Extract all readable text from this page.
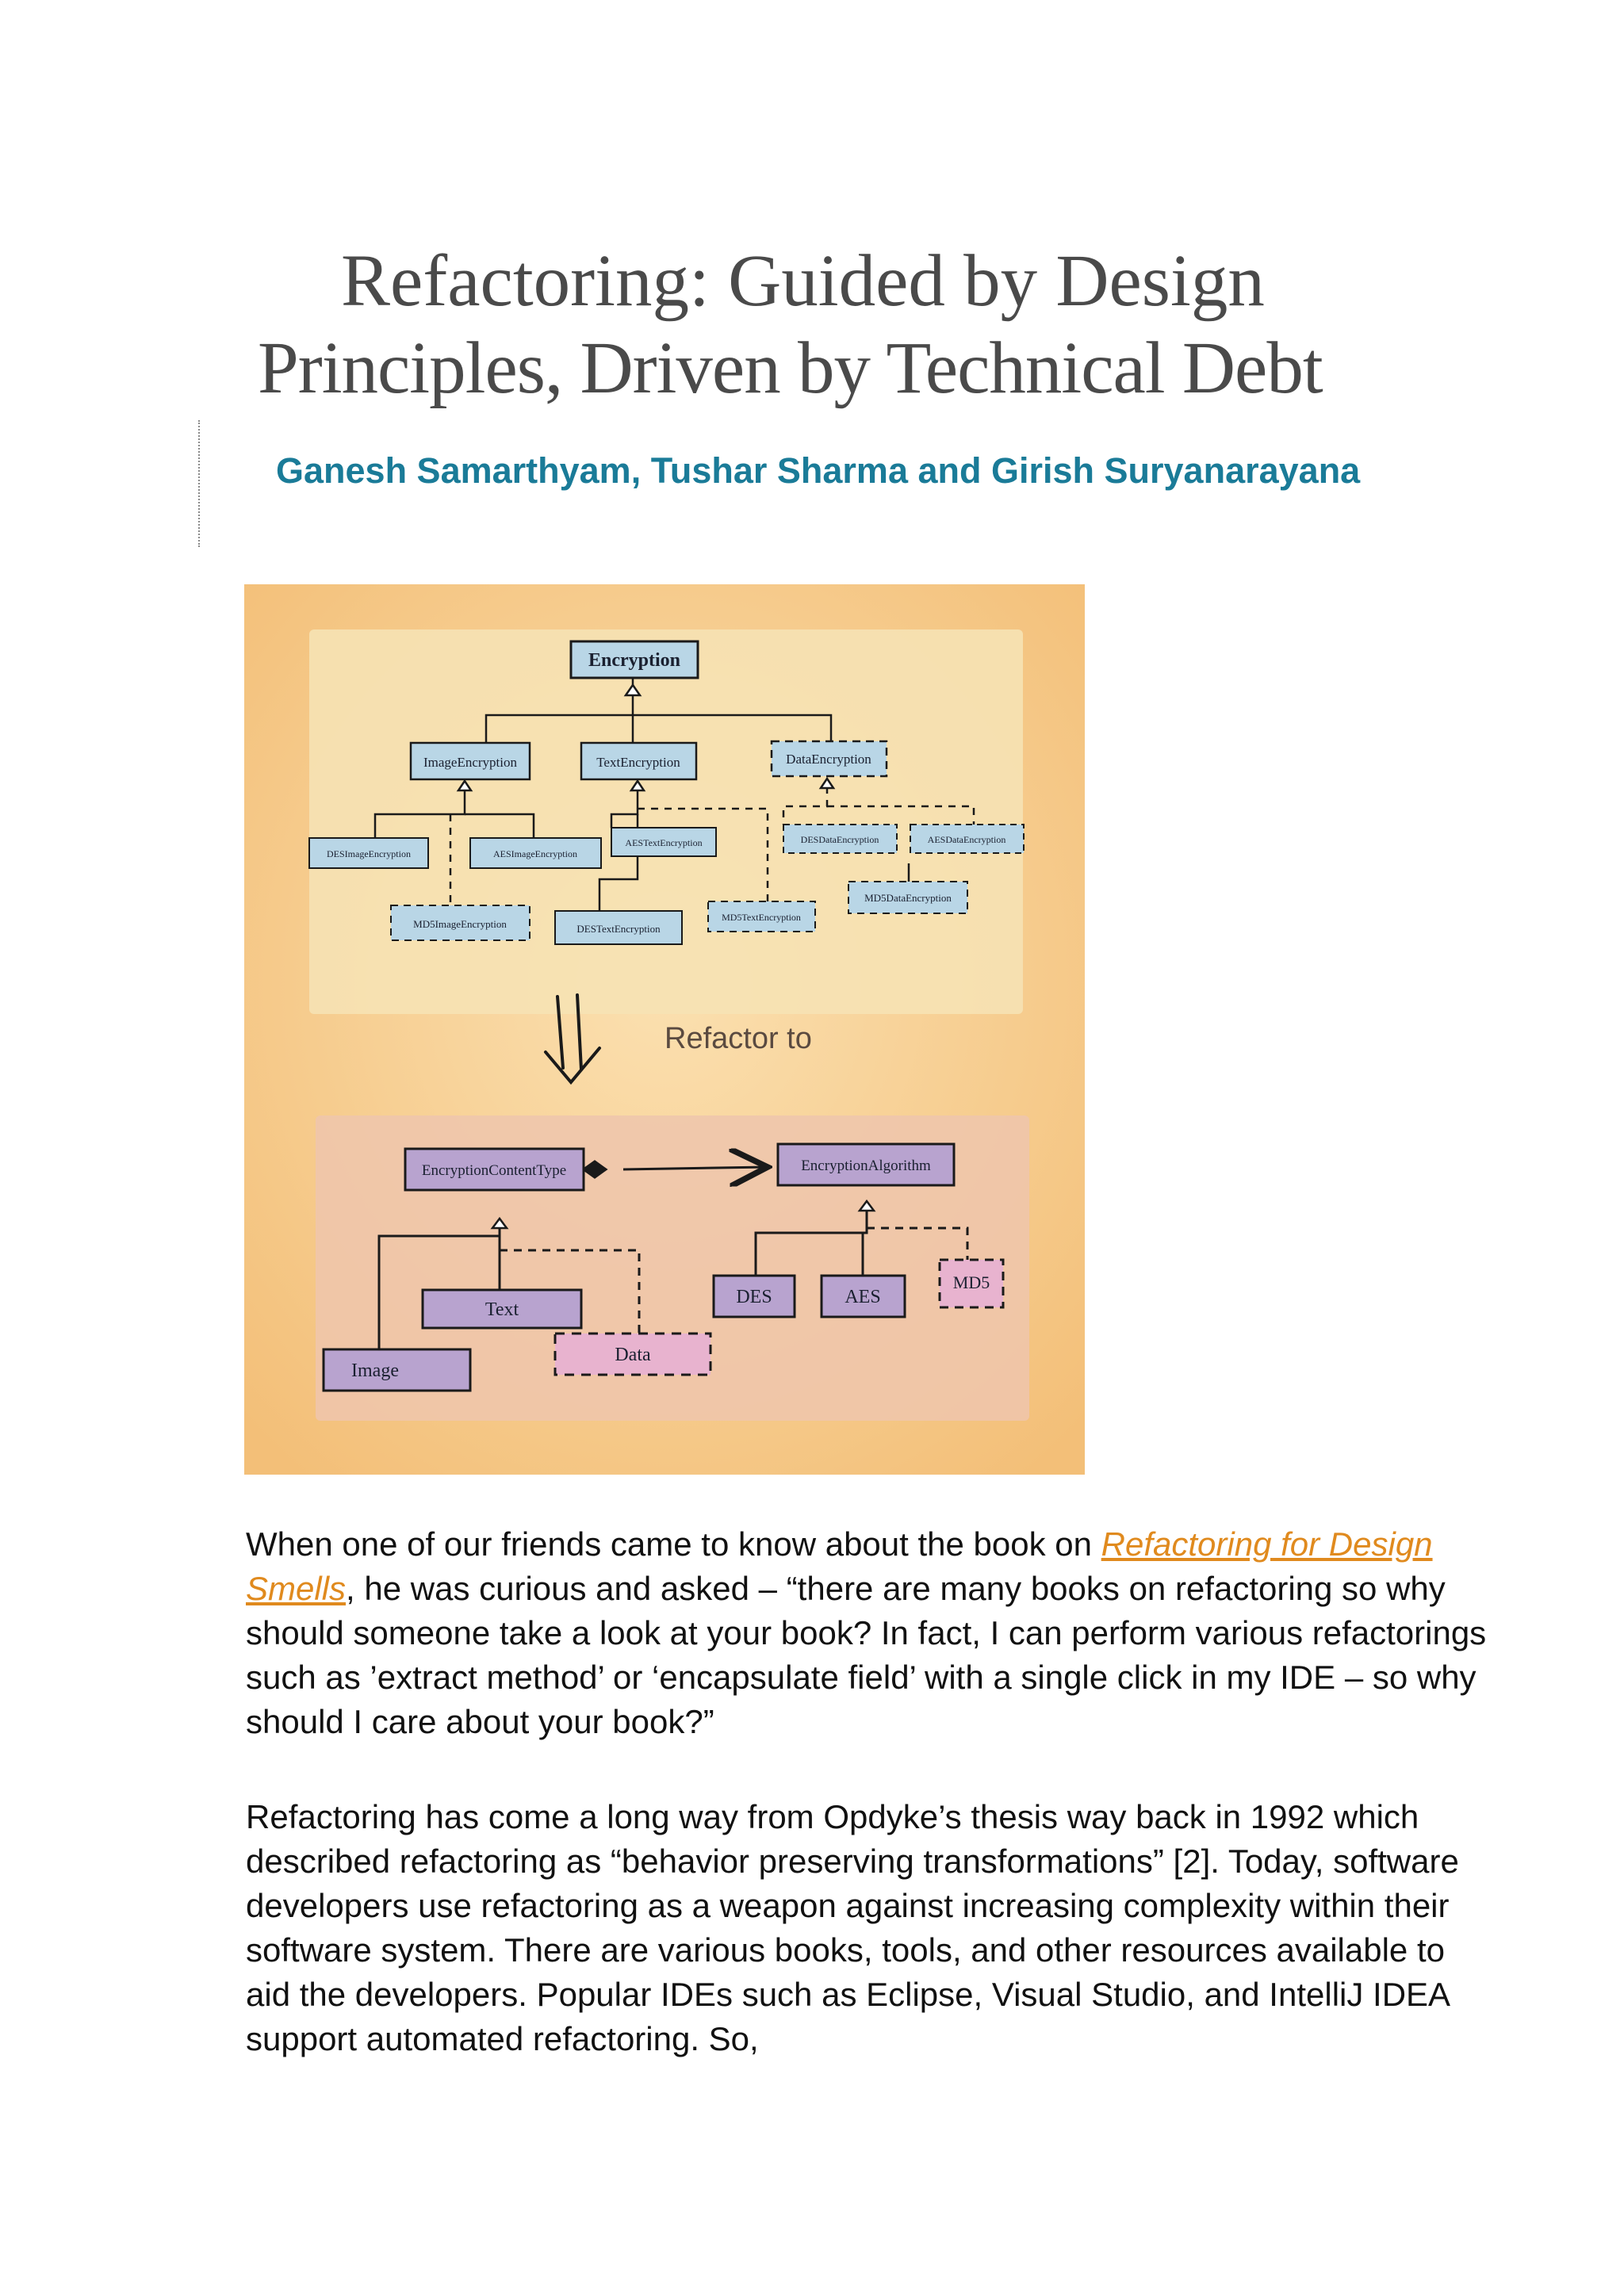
Refactoring: Guided by Design
Principles, Driven by Technical Debt

Ganesh Samarthyam, Tushar Sharma and Girish Suryanarayana

Encryption
ImageEncryption	TextEncryption	DataEncryption
DESImageEncryption	AESImageEncryption
AESTextEncryption	DESDataEncryption	AESDataEncryption
MD5ImageEncryption	DESTextEncryption
MD5TextEncryption
MD5DataEncryption
Refactor to
EncryptionContentType	EncryptionAlgorithm
Text
Image
Data
DES	AES
MD5

When one of our friends came to know about the book on Refactoring for Design Smells, he was curious and asked – “there are many books on refactoring so why should someone take a look at your book? In fact, I can perform various refactorings such as ’extract method’ or ‘encapsulate field’ with a single click in my IDE – so why should I care about your book?”

Refactoring has come a long way from Opdyke’s thesis way back in 1992 which described refactoring as “behavior preserving transformations” [2]. Today, software developers use refactoring as a weapon against increasing complexity within their software system. There are various books, tools, and other resources available to aid the developers. Popular IDEs such as Eclipse, Visual Studio, and IntelliJ IDEA support automated refactoring. So,
